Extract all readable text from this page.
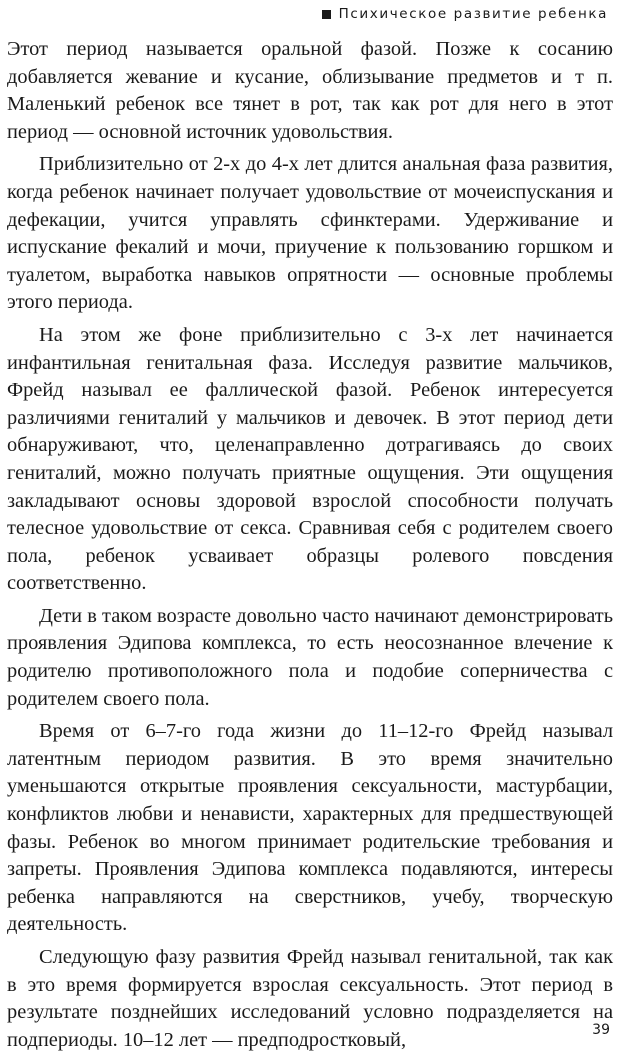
Психическое развитие ребенка

Этот период называется оральной фазой. Позже к сосанию добавляется жевание и кусание, облизывание предметов и т п. Маленький ребенок все тянет в рот, так как рот для него в этот период — основной источник удовольствия.

Приблизительно от 2-х до 4-х лет длится анальная фаза развития, когда ребенок начинает получает удовольствие от мочеиспускания и дефекации, учится управлять сфинктерами. Удерживание и испускание фекалий и мочи, приучение к пользованию горшком и туалетом, выработка навыков опрятности — основные проблемы этого периода.

На этом же фоне приблизительно с 3-х лет начинается инфантильная генитальная фаза. Исследуя развитие мальчиков, Фрейд называл ее фаллической фазой. Ребенок интересуется различиями гениталий у мальчиков и девочек. В этот период дети обнаруживают, что, целенаправленно дотрагиваясь до своих гениталий, можно получать приятные ощущения. Эти ощущения закладывают основы здоровой взрослой способности получать телесное удовольствие от секса. Сравнивая себя с родителем своего пола, ребенок усваивает образцы ролевого повсдения соответственно.

Дети в таком возрасте довольно часто начинают демонстрировать проявления Эдипова комплекса, то есть неосознанное влечение к родителю противоположного пола и подобие соперничества с родителем своего пола.

Время от 6–7-го года жизни до 11–12-го Фрейд называл латентным периодом развития. В это время значительно уменьшаются открытые проявления сексуальности, мастурбации, конфликтов любви и ненависти, характерных для предшествующей фазы. Ребенок во многом принимает родительские требования и запреты. Проявления Эдипова комплекса подавляются, интересы ребенка направляются на сверстников, учебу, творческую деятельность.

Следующую фазу развития Фрейд называл генитальной, так как в это время формируется взрослая сексуальность. Этот период в результате позднейших исследований условно подразделяется на подпериоды. 10–12 лет — предподростковый,	39
